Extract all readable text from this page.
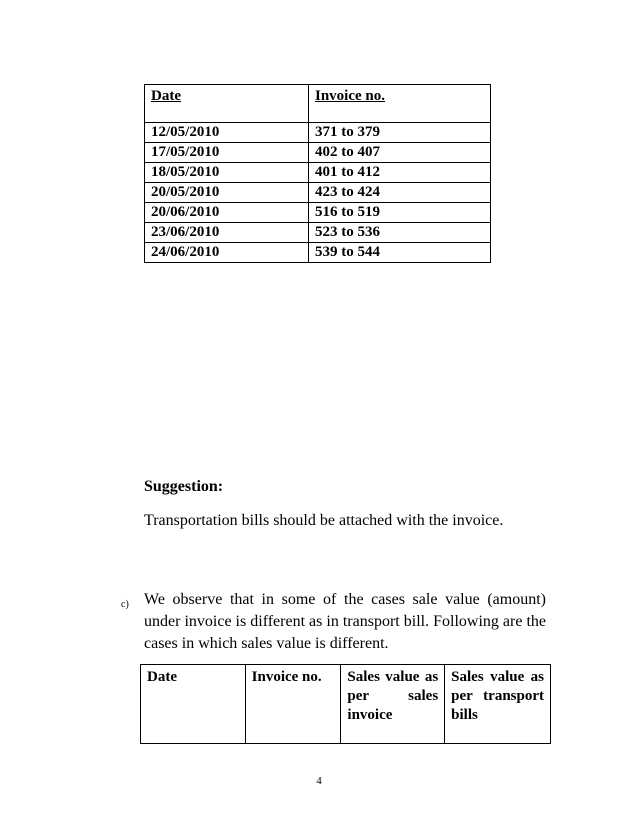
Date	Invoice no.
12/05/2010	371 to 379
17/05/2010	402 to 407
18/05/2010	401 to 412
20/05/2010	423 to 424
20/06/2010	516 to 519
23/06/2010	523 to 536
24/06/2010	539 to 544

Suggestion:

Transportation bills should be attached with the invoice.

c) We observe that in some of the cases sale value (amount) under invoice is different as in transport bill. Following are the cases in which sales value is different.

Date	Invoice no.	Sales value as per sales invoice	Sales value as per transport bills
4
